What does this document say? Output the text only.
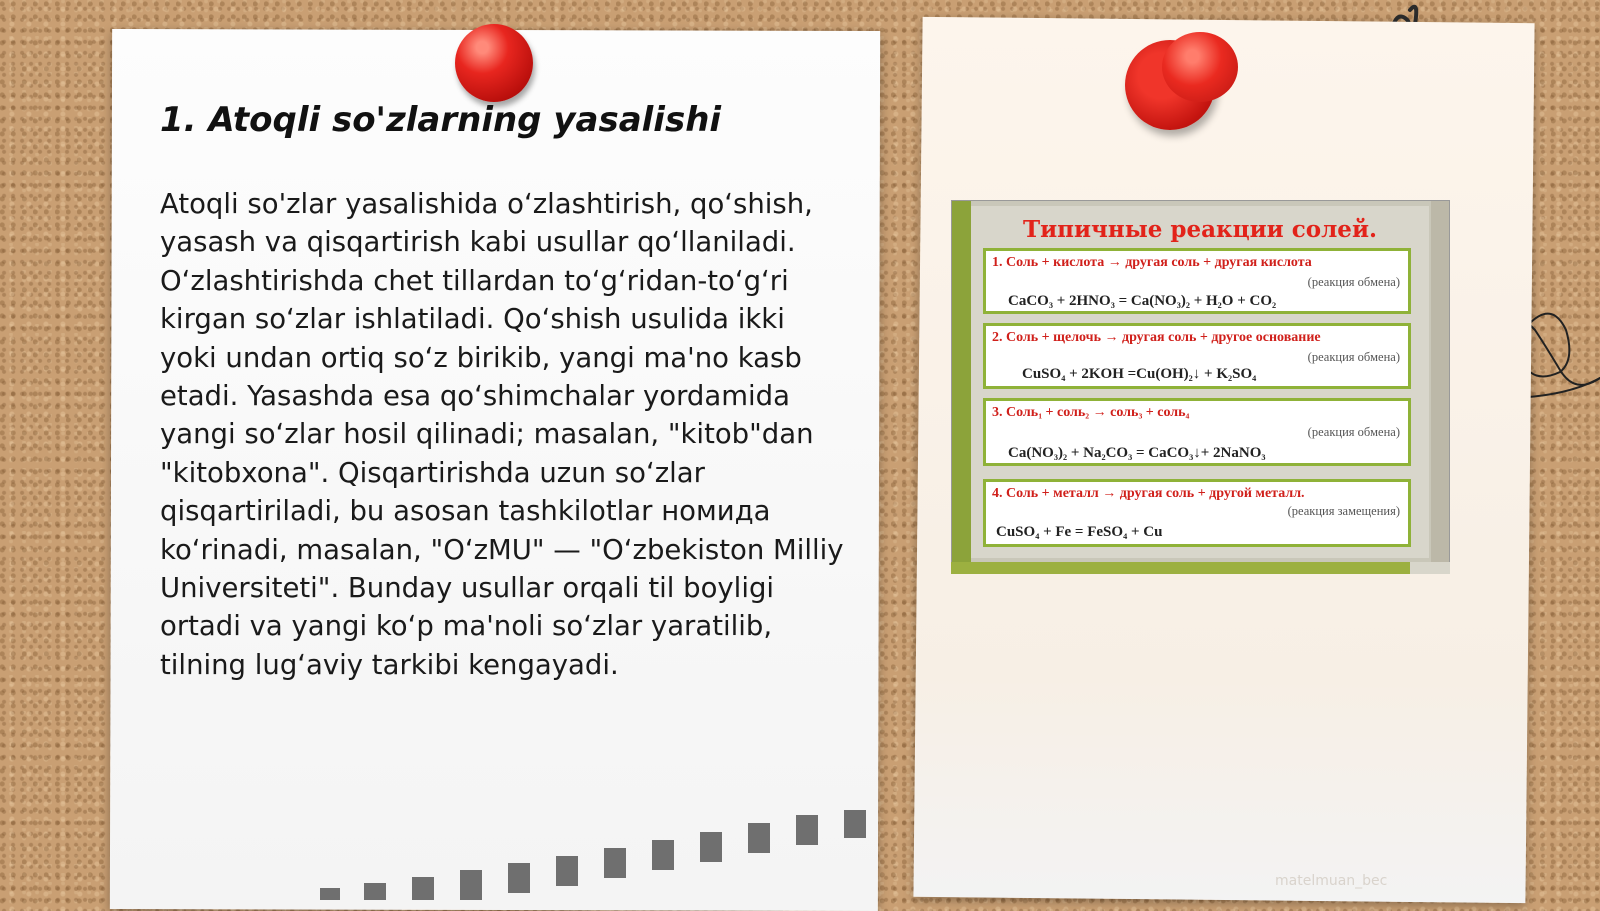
1. Atoqli so'zlarning yasalishi

Atoqli so'zlar yasalishida oʻzlashtirish, qoʻshish, yasash va qisqartirish kabi usullar qoʻllaniladi. Oʻzlashtirishda chet tillardan toʻgʻridan-toʻgʻri kirgan soʻzlar ishlatiladi. Qoʻshish usulida ikki yoki undan ortiq soʻz birikib, yangi ma'no kasb etadi. Yasashda esa qoʻshimchalar yordamida yangi soʻzlar hosil qilinadi; masalan, "kitob"dan "kitobxona". Qisqartirishda uzun soʻzlar qisqartiriladi, bu asosan tashkilotlar номида koʻrinadi, masalan, "OʻzMU" — "Oʻzbekiston Milliy Universiteti". Bunday usullar orqali til boyligi ortadi va yangi koʻp ma'noli soʻzlar yaratilib, tilning lugʻaviy tarkibi kengayadi.

Типичные реакции солей.
1. Соль + кислота → другая соль + другая кислота
(реакция обмена)
CaCO$_3$ + $2HNO_3 = Ca(NO_3)_2 + H_2O + CO_2$
2. Соль + щелочь → другая соль + другое основание
(реакция обмена)
CuSO$_4$ + $2KOH =Cu(OH)_2↓ + K_2SO_4$
3. Соль$_1$ + соль$_2$ → соль$_3$ + соль$_4$
(реакция обмена)
$Ca(NO_3)_2 + Na_2CO_3$ = CaCO$_3$↓+ 2NaNO$_3$
4. Соль + металл → другая соль + другой металл.
(реакция замещения)
CuSO$_4$ + Fe = FeSO$_4$ + Cu
matelmuan_bec
